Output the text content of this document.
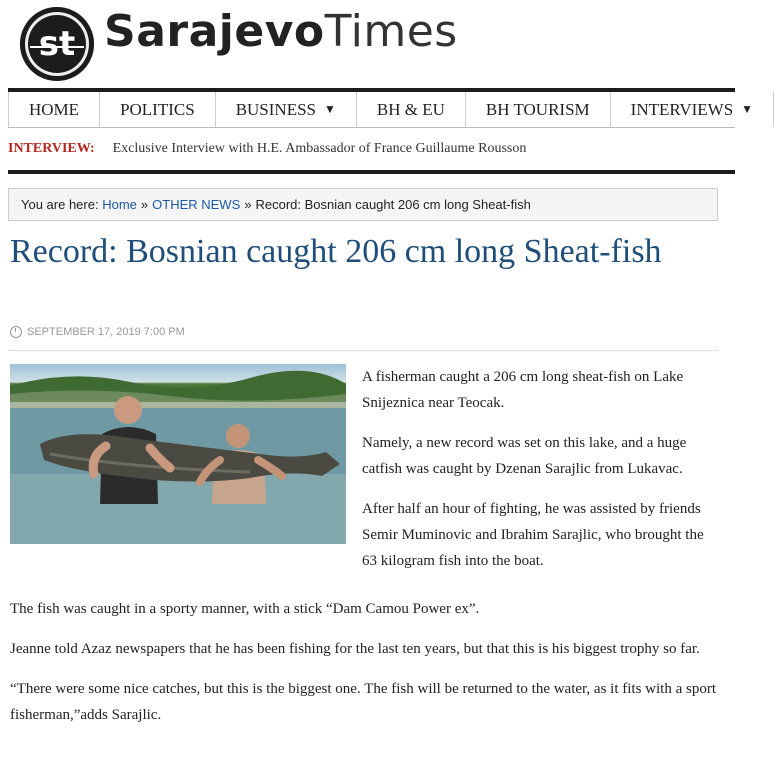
st SarajevoTimes
HOME POLITICS BUSINESS ▼ BH & EU BH TOURISM INTERVIEWS ▼
INTERVIEW: Exclusive Interview with H.E. Ambassador of France Guillaume Rousson
You are here:
Home » OTHER NEWS » Record: Bosnian caught 206 cm long Sheat-fish
Record: Bosnian caught 206 cm long Sheat-fish
SEPTEMBER 17, 2019 7:00 PM

A fisherman caught a 206 cm long sheat-fish on Lake Snijeznica near Teocak.

Namely, a new record was set on this lake, and a huge catfish was caught by Dzenan Sarajlic from Lukavac.

After half an hour of fighting, he was assisted by friends Semir Muminovic and Ibrahim Sarajlic, who brought the 63 kilogram fish into the boat.

The fish was caught in a sporty manner, with a stick “Dam Camou Power ex”.

Jeanne told Azaz newspapers that he has been fishing for the last ten years, but that this is his biggest trophy so far.

“There were some nice catches, but this is the biggest one. The fish will be returned to the water, as it fits with a sport fisherman,”adds Sarajlic.
